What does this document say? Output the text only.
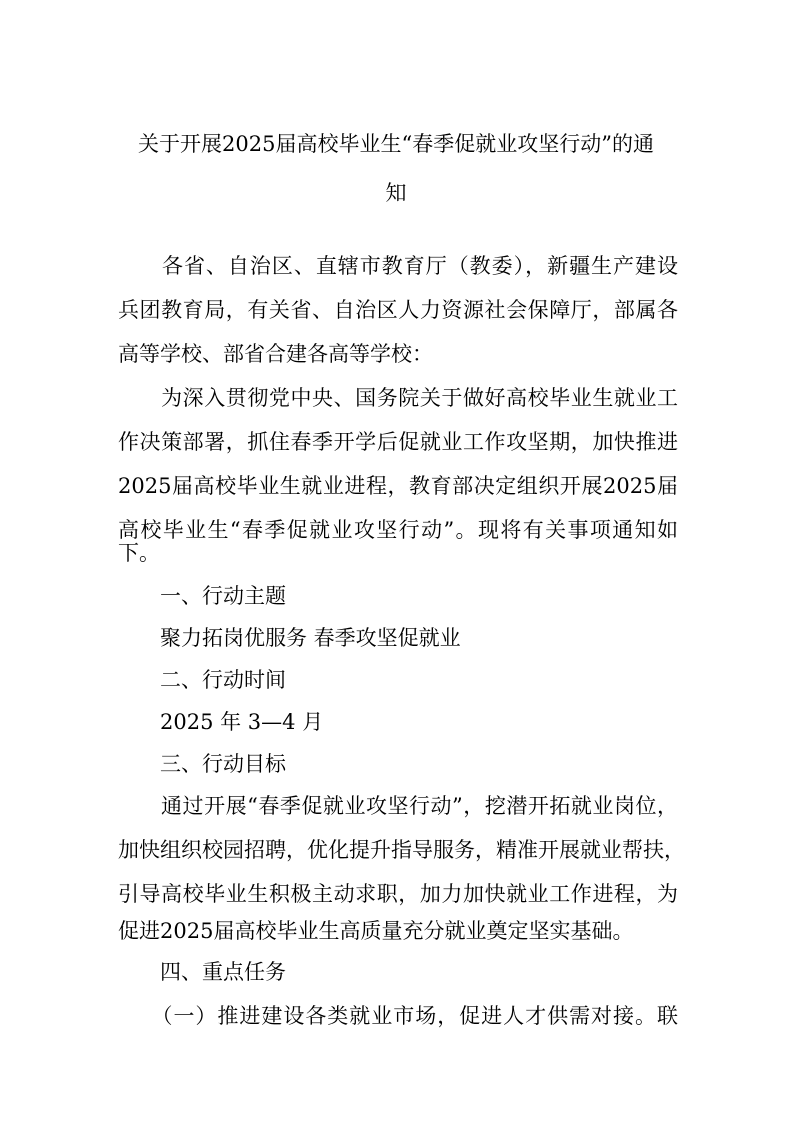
关于开展2025届高校毕业生“春季促就业攻坚行动”的通
知
　　各省、自治区、直辖市教育厅（教委），新疆生产建设
兵团教育局，有关省、自治区人力资源社会保障厅，部属各
高等学校、部省合建各高等学校：
　　为深入贯彻党中央、国务院关于做好高校毕业生就业工
作决策部署，抓住春季开学后促就业工作攻坚期，加快推进
2025届高校毕业生就业进程，教育部决定组织开展2025届
高校毕业生“春季促就业攻坚行动”。现将有关事项通知如
下。
　　一、行动主题
　　聚力拓岗优服务 春季攻坚促就业
　　二、行动时间
　　2025 年 3—4 月
　　三、行动目标
　　通过开展“春季促就业攻坚行动”，挖潜开拓就业岗位，
加快组织校园招聘，优化提升指导服务，精准开展就业帮扶，
引导高校毕业生积极主动求职，加力加快就业工作进程，为
促进2025届高校毕业生高质量充分就业奠定坚实基础。
　　四、重点任务
　　（一）推进建设各类就业市场，促进人才供需对接。联
